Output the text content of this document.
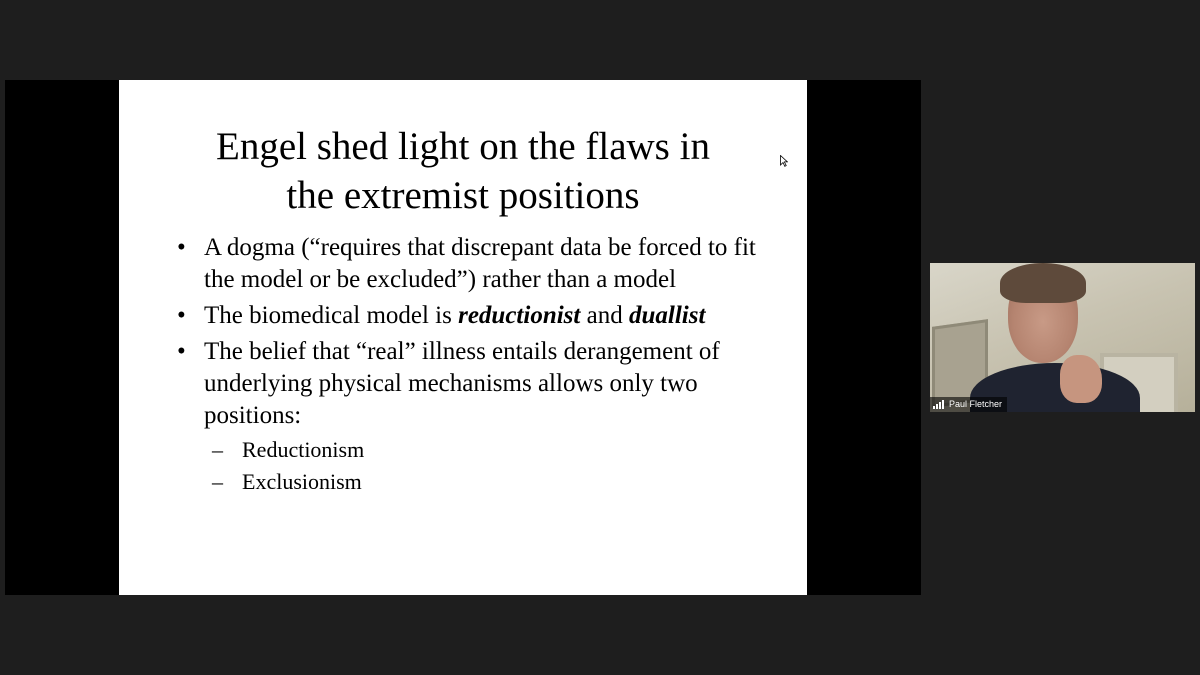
Engel shed light on the flaws in
the extremist positions
• A dogma (“requires that discrepant data be forced to fit the model or be excluded”) rather than a model
• The biomedical model is reductionist and duallist
• The belief that “real” illness entails derangement of underlying physical mechanisms allows only two positions:
– Reductionism
– Exclusionism
Paul Fletcher
